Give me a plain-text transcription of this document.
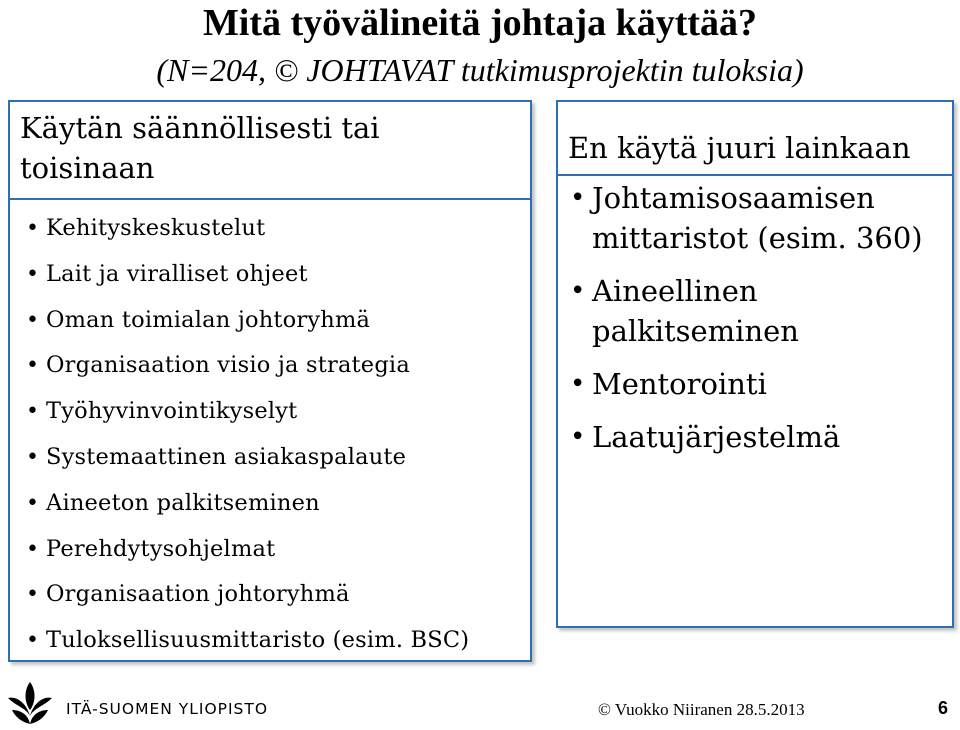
Mitä työvälineitä johtaja käyttää?
(N=204, © JOHTAVAT tutkimusprojektin tuloksia)
Käytän säännöllisesti tai toisinaan
• Kehityskeskustelut
• Lait ja viralliset ohjeet
• Oman toimialan johtoryhmä
• Organisaation visio ja strategia
• Työhyvinvointikyselyt
• Systemaattinen asiakaspalaute
• Aineeton palkitseminen
• Perehdytysohjelmat
• Organisaation johtoryhmä
• Tuloksellisuusmittaristo (esim. BSC)
En käytä juuri lainkaan
• Johtamisosaamisen mittaristot (esim. 360)
• Aineellinen palkitseminen
• Mentorointi
• Laatujärjestelmä
ITÄ-SUOMEN YLIOPISTO	© Vuokko Niiranen 28.5.2013	6
